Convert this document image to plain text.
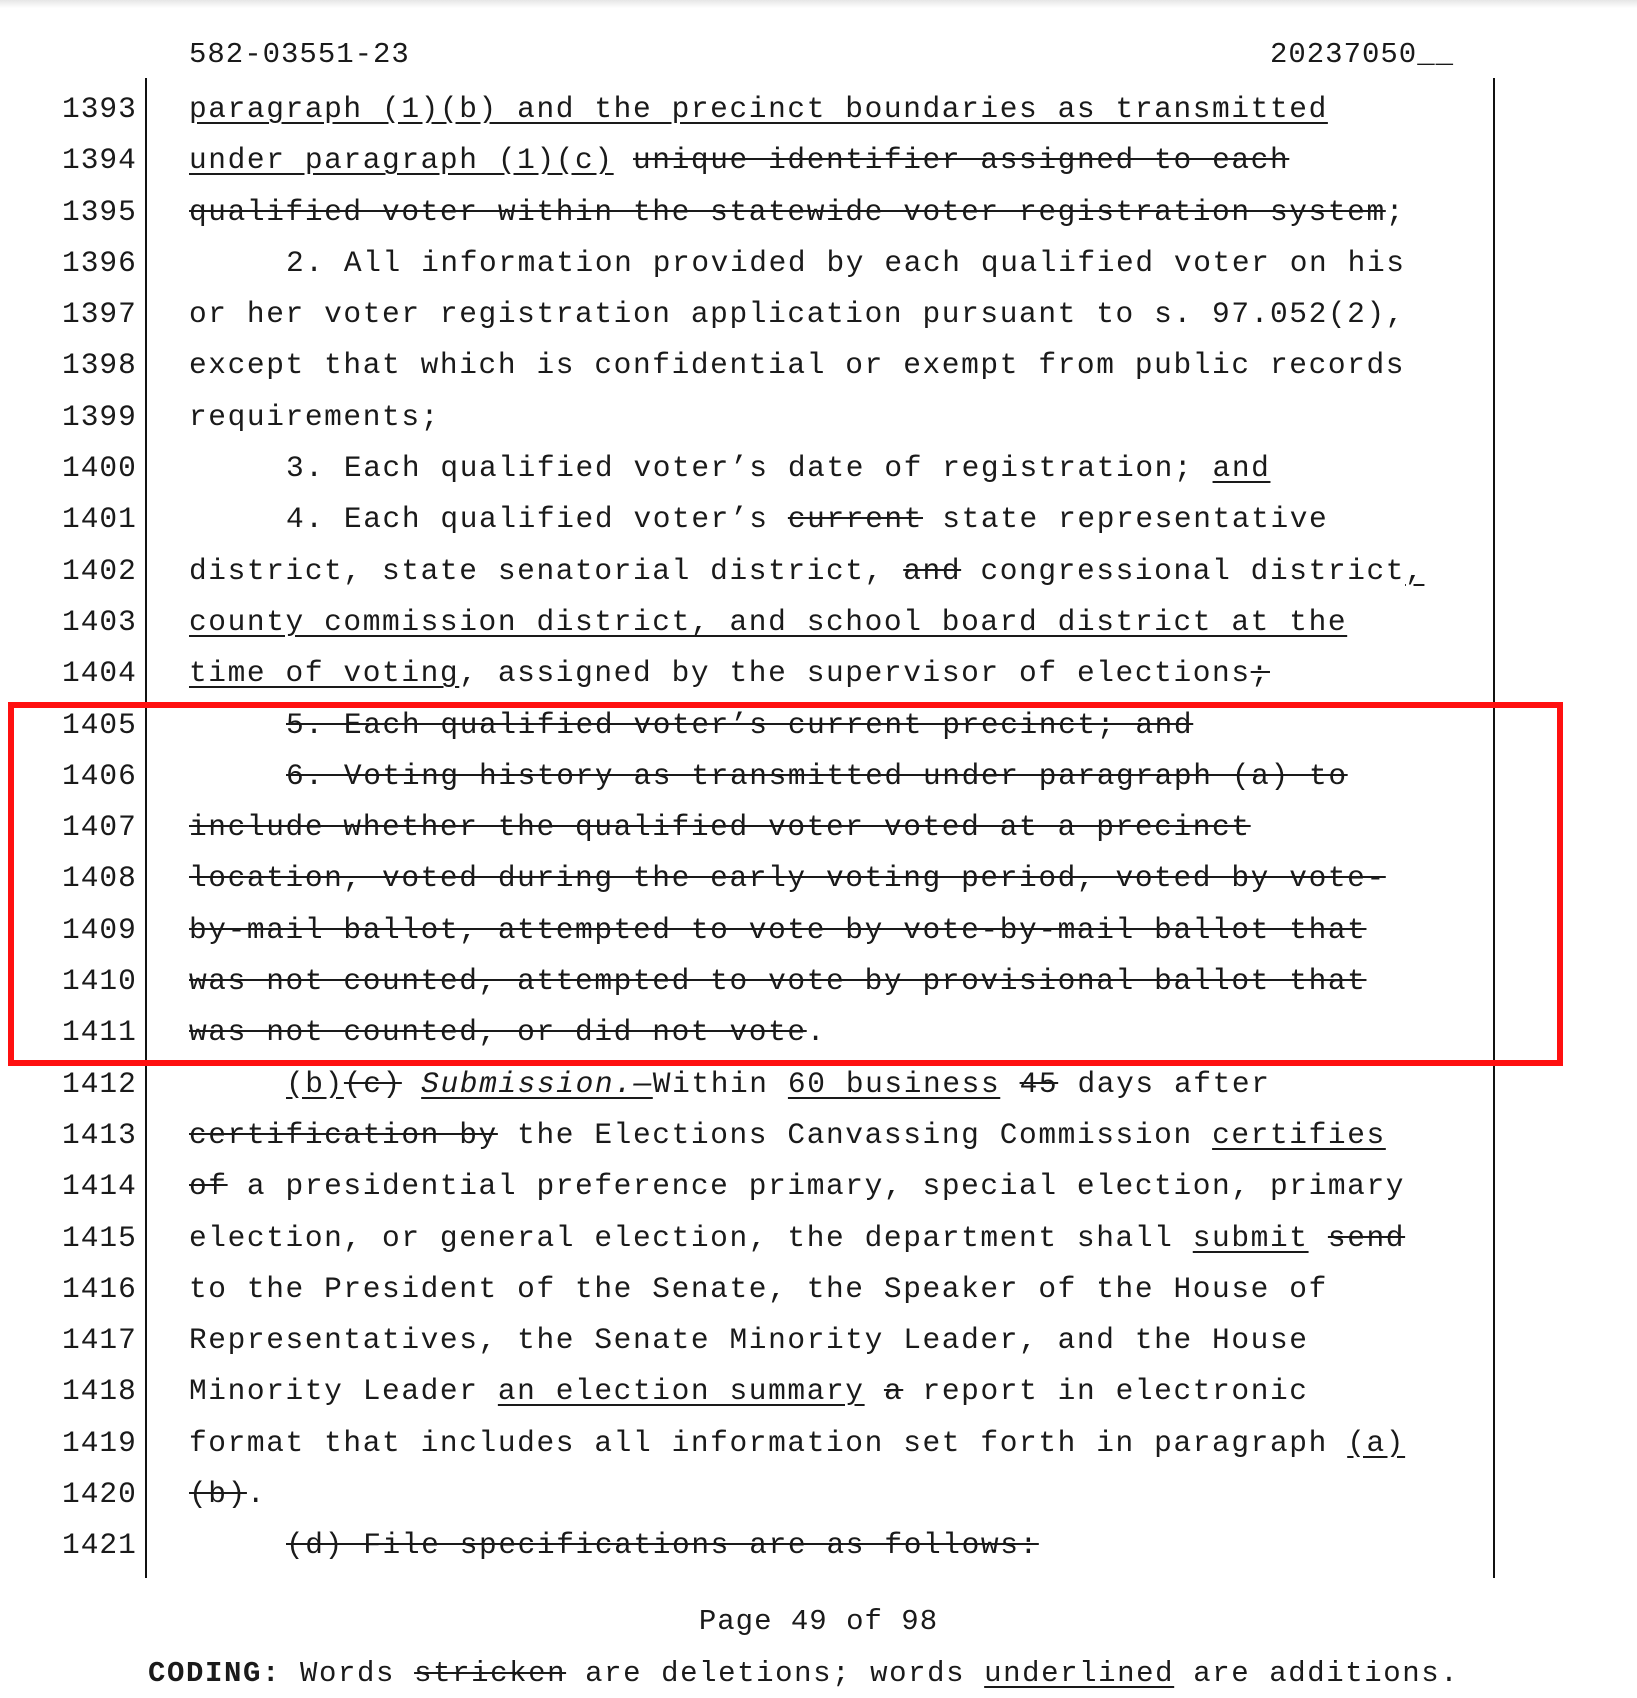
582-03551-23	20237050__
1393 paragraph (1)(b) and the precinct boundaries as transmitted
1394 under paragraph (1)(c) unique identifier assigned to each
1395 qualified voter within the statewide voter registration system;
1396	2. All information provided by each qualified voter on his
1397 or her voter registration application pursuant to s. 97.052(2),
1398 except that which is confidential or exempt from public records
1399 requirements;
1400	3. Each qualified voter’s date of registration; and
1401	4. Each qualified voter’s current state representative
1402 district, state senatorial district, and congressional district,
1403 county commission district, and school board district at the
1404 time of voting, assigned by the supervisor of elections;
1405	5. Each qualified voter’s current precinct; and
1406	6. Voting history as transmitted under paragraph (a) to
1407 include whether the qualified voter voted at a precinct
1408 location, voted during the early voting period, voted by vote-
1409 by-mail ballot, attempted to vote by vote-by-mail ballot that
1410 was not counted, attempted to vote by provisional ballot that
1411 was not counted, or did not vote.
1412	(b)(c) Submission.—Within 60 business 45 days after
1413 certification by the Elections Canvassing Commission certifies
1414 of a presidential preference primary, special election, primary
1415 election, or general election, the department shall submit send
1416 to the President of the Senate, the Speaker of the House of
1417 Representatives, the Senate Minority Leader, and the House
1418 Minority Leader an election summary a report in electronic
1419 format that includes all information set forth in paragraph (a)
1420 (b).
1421	(d) File specifications are as follows:
Page 49 of 98
CODING: Words stricken are deletions; words underlined are additions.
